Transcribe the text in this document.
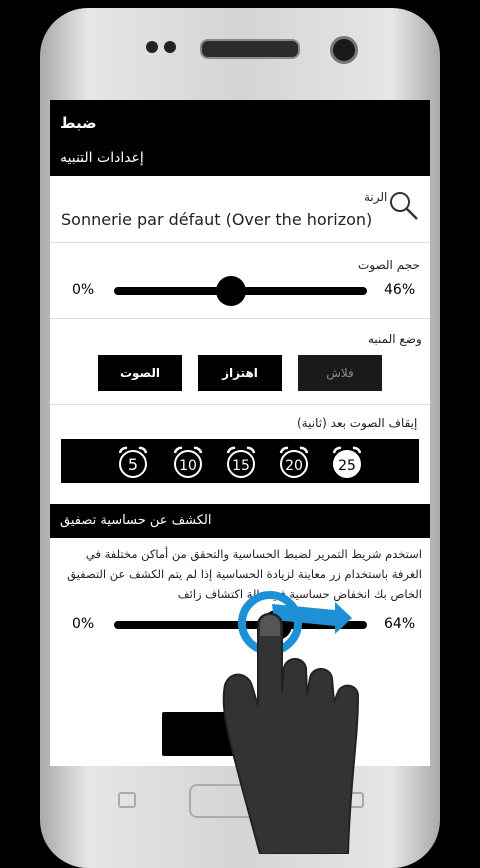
ضبط
إعدادات التنبيه
الرنة
Sonnerie par défaut (Over the horizon)
حجم الصوت
0%	46%
وضع المنبه
فلاش
اهتزاز
الصوت
إيقاف الصوت بعد (ثانية)
5	10	15	20	25
الكشف عن حساسية تصفيق
استخدم شريط التمرير لضبط الحساسية والتحقق من أماكن مختلفة في الغرفة باستخدام زر معاينة لزيادة الحساسية إذا لم يتم الكشف عن التصفيق الخاص بك انخفاض حساسية في حالة اكتشاف زائف
0%	64%
